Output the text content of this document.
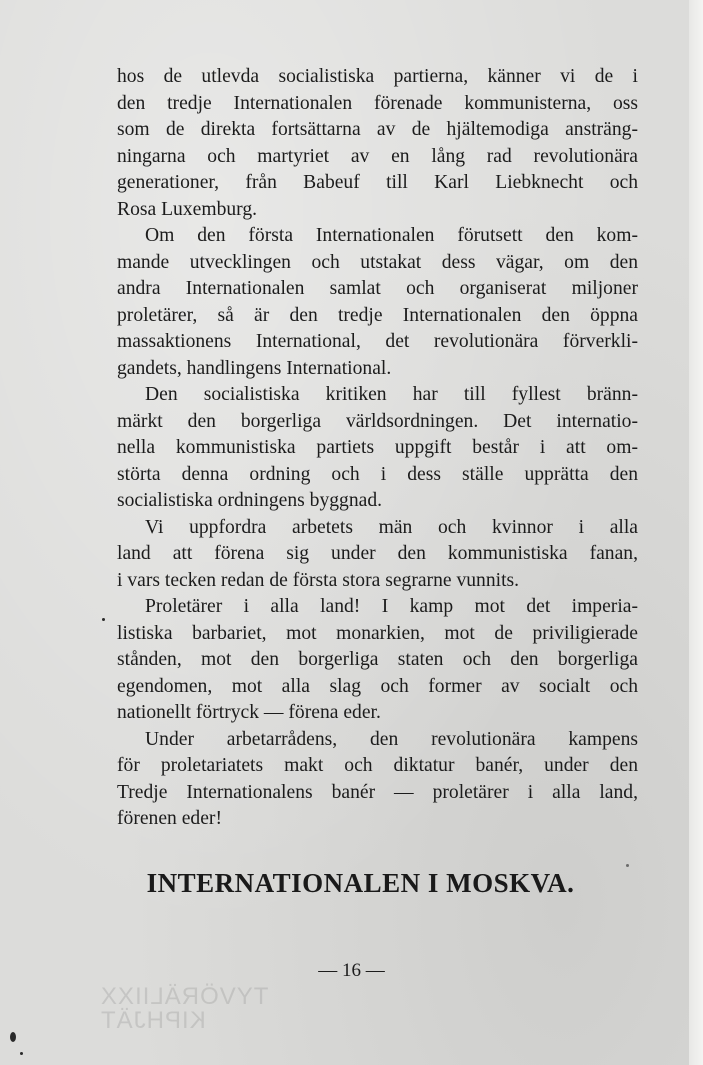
hos de utlevda socialistiska partierna, känner vi de i
den tredje Internationalen förenade kommunisterna, oss
som de direkta fortsättarna av de hjältemodiga ansträng-
ningarna och martyriet av en lång rad revolutionära
generationer, från Babeuf till Karl Liebknecht och
Rosa Luxemburg.
Om den första Internationalen förutsett den kom-
mande utvecklingen och utstakat dess vägar, om den
andra Internationalen samlat och organiserat miljoner
proletärer, så är den tredje Internationalen den öppna
massaktionens International, det revolutionära förverkli-
gandets, handlingens International.
Den socialistiska kritiken har till fyllest bränn-
märkt den borgerliga världsordningen. Det internatio-
nella kommunistiska partiets uppgift består i att om-
störta denna ordning och i dess ställe upprätta den
socialistiska ordningens byggnad.
Vi uppfordra arbetets män och kvinnor i alla
land att förena sig under den kommunistiska fanan,
i vars tecken redan de första stora segrarne vunnits.
Proletärer i alla land! I kamp mot det imperia-
listiska barbariet, mot monarkien, mot de priviligierade
stånden, mot den borgerliga staten och den borgerliga
egendomen, mot alla slag och former av socialt och
nationellt förtryck — förena eder.
Under arbetarrådens, den revolutionära kampens
för proletariatets makt och diktatur banér, under den
Tredje Internationalens banér — proletärer i alla land,
förenen eder!
INTERNATIONALEN I MOSKVA.
— 16 —
TYVÖRÄLIIXX
KIPHJÄT
